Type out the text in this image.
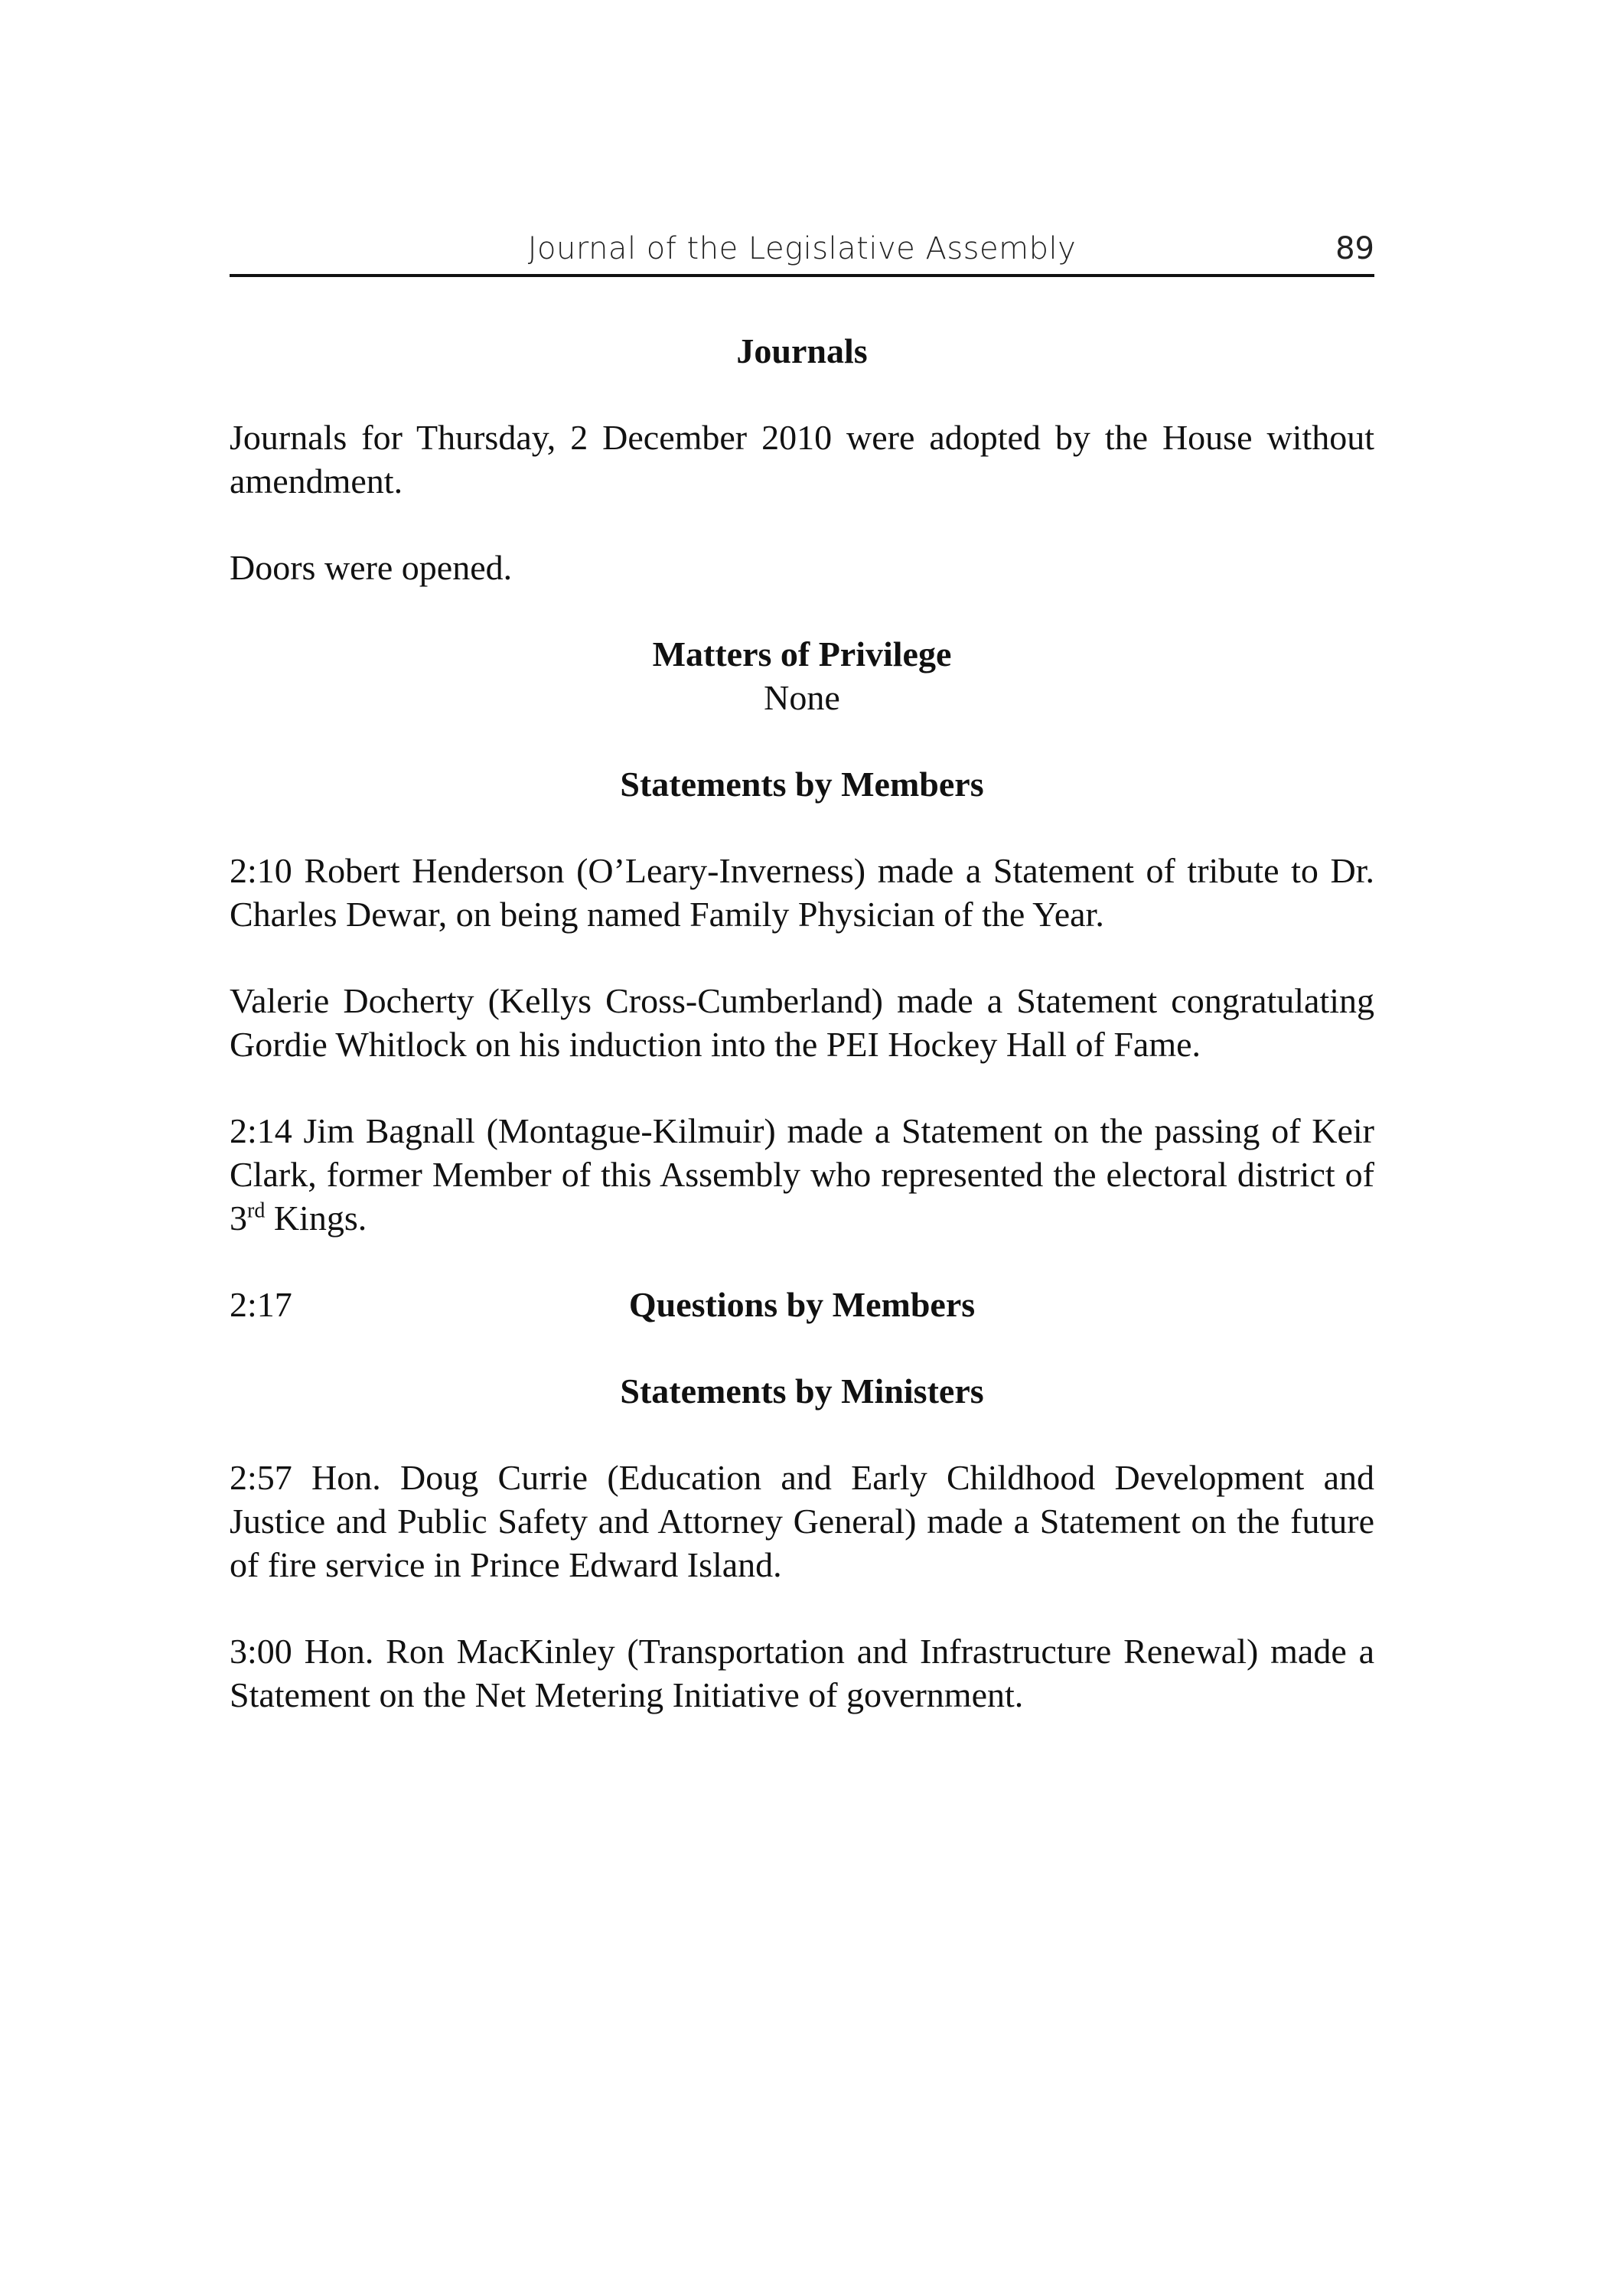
Journal of the Legislative Assembly	89

Journals

Journals for Thursday, 2 December 2010 were adopted by the House without amendment.

Doors were opened.

Matters of Privilege

None

Statements by Members

2:10 Robert Henderson (O’Leary-Inverness) made a Statement of tribute to Dr. Charles Dewar, on being named Family Physician of the Year.

Valerie Docherty (Kellys Cross-Cumberland) made a Statement congratulating Gordie Whitlock on his induction into the PEI Hockey Hall of Fame.

2:14 Jim Bagnall (Montague-Kilmuir) made a Statement on the passing of Keir Clark, former Member of this Assembly who represented the electoral district of 3rd Kings.

2:17	Questions by Members

Statements by Ministers

2:57 Hon. Doug Currie (Education and Early Childhood Development and Justice and Public Safety and Attorney General) made a Statement on the future of fire service in Prince Edward Island.

3:00 Hon. Ron MacKinley (Transportation and Infrastructure Renewal) made a Statement on the Net Metering Initiative of government.
